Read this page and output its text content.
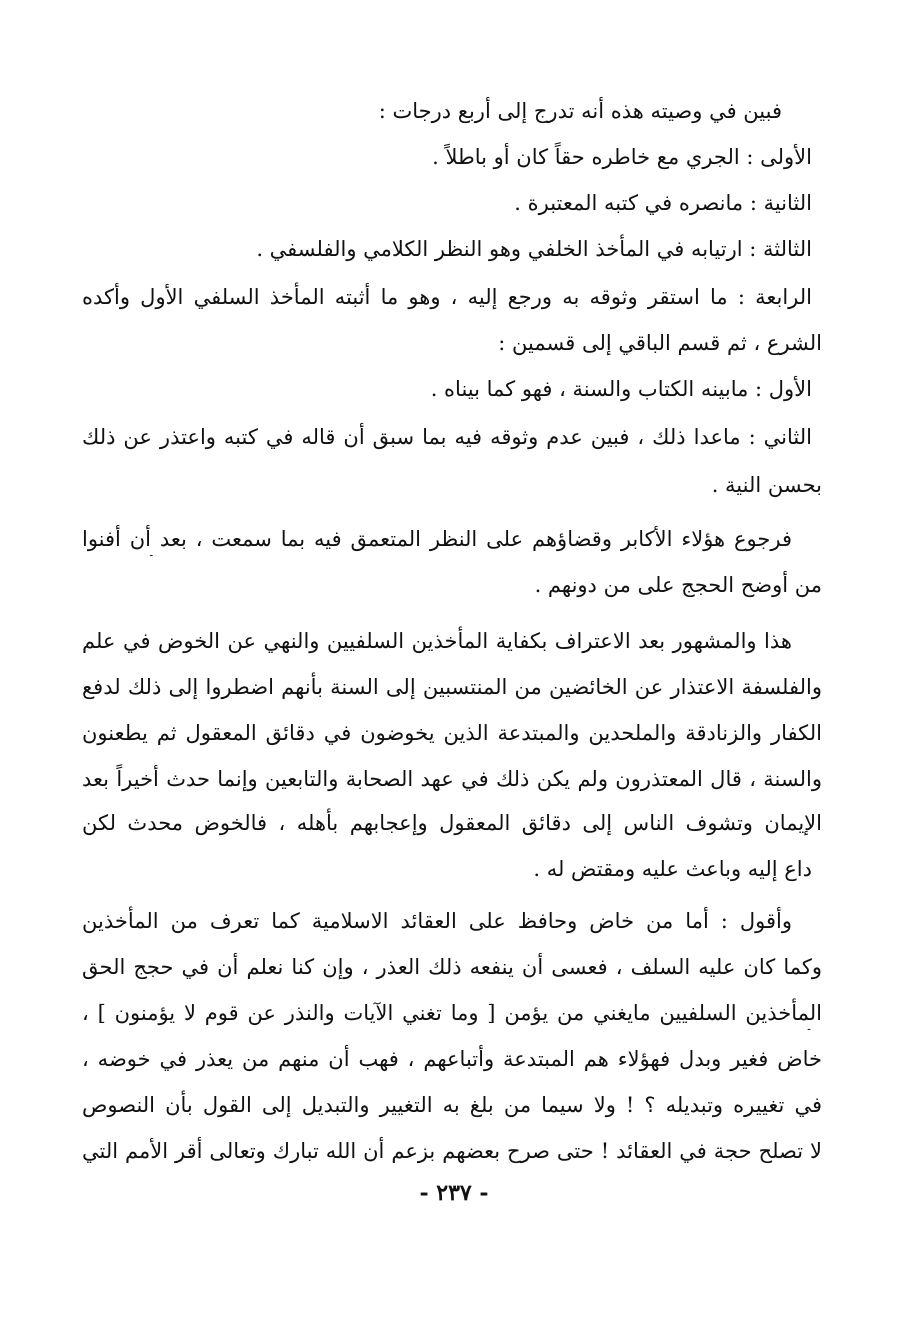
فبين في وصيته هذه أنه تدرج إلى أربع درجات :
الأولى : الجري مع خاطره حقاً كان أو باطلاً .
الثانية : مانصره في كتبه المعتبرة .
الثالثة : ارتيابه في المأخذ الخلفي وهو النظر الكلامي والفلسفي .
الرابعة : ما استقر وثوقه به ورجع إليه ، وهو ما أثبته المأخذ السلفي الأول وأكده
الشرع ، ثم قسم الباقي إلى قسمين :
الأول : مابينه الكتاب والسنة ، فهو كما بيناه .
الثاني : ماعدا ذلك ، فبين عدم وثوقه فيه بما سبق أن قاله في كتبه واعتذر عن ذلك
بحسن النية .
فرجوع هؤلاء الأكابر وقضاؤهم على النظر المتعمق فيه بما سمعت ، بعد أن أفنوا
من أوضح الحجج على من دونهم .
هذا والمشهور بعد الاعتراف بكفاية المأخذين السلفيين والنهي عن الخوض في علم
والفلسفة الاعتذار عن الخائضين من المنتسبين إلى السنة بأنهم اضطروا إلى ذلك لدفع
الكفار والزنادقة والملحدين والمبتدعة الذين يخوضون في دقائق المعقول ثم يطعنون
والسنة ، قال المعتذرون ولم يكن ذلك في عهد الصحابة والتابعين وإنما حدث أخيراً بعد
الإيمان وتشوف الناس إلى دقائق المعقول وإعجابهم بأهله ، فالخوض محدث لكن
داع إليه وباعث عليه ومقتض له .
وأقول : أما من خاض وحافظ على العقائد الاسلامية كما تعرف من المأخذين
وكما كان عليه السلف ، فعسى أن ينفعه ذلك العذر ، وإن كنا نعلم أن في حجج الحق
المأخذين السلفيين مايغني من يؤمن [ وما تغني الآيات والنذر عن قوم لا يؤمنون ] ،
خاض فغير وبدل فهؤلاء هم المبتدعة وأتباعهم ، فهب أن منهم من يعذر في خوضه ،
في تغييره وتبديله ؟ ! ولا سيما من بلغ به التغيير والتبديل إلى القول بأن النصوص
لا تصلح حجة في العقائد ! حتى صرح بعضهم بزعم أن الله تبارك وتعالى أقر الأمم التي
- ٢٣٧ -
